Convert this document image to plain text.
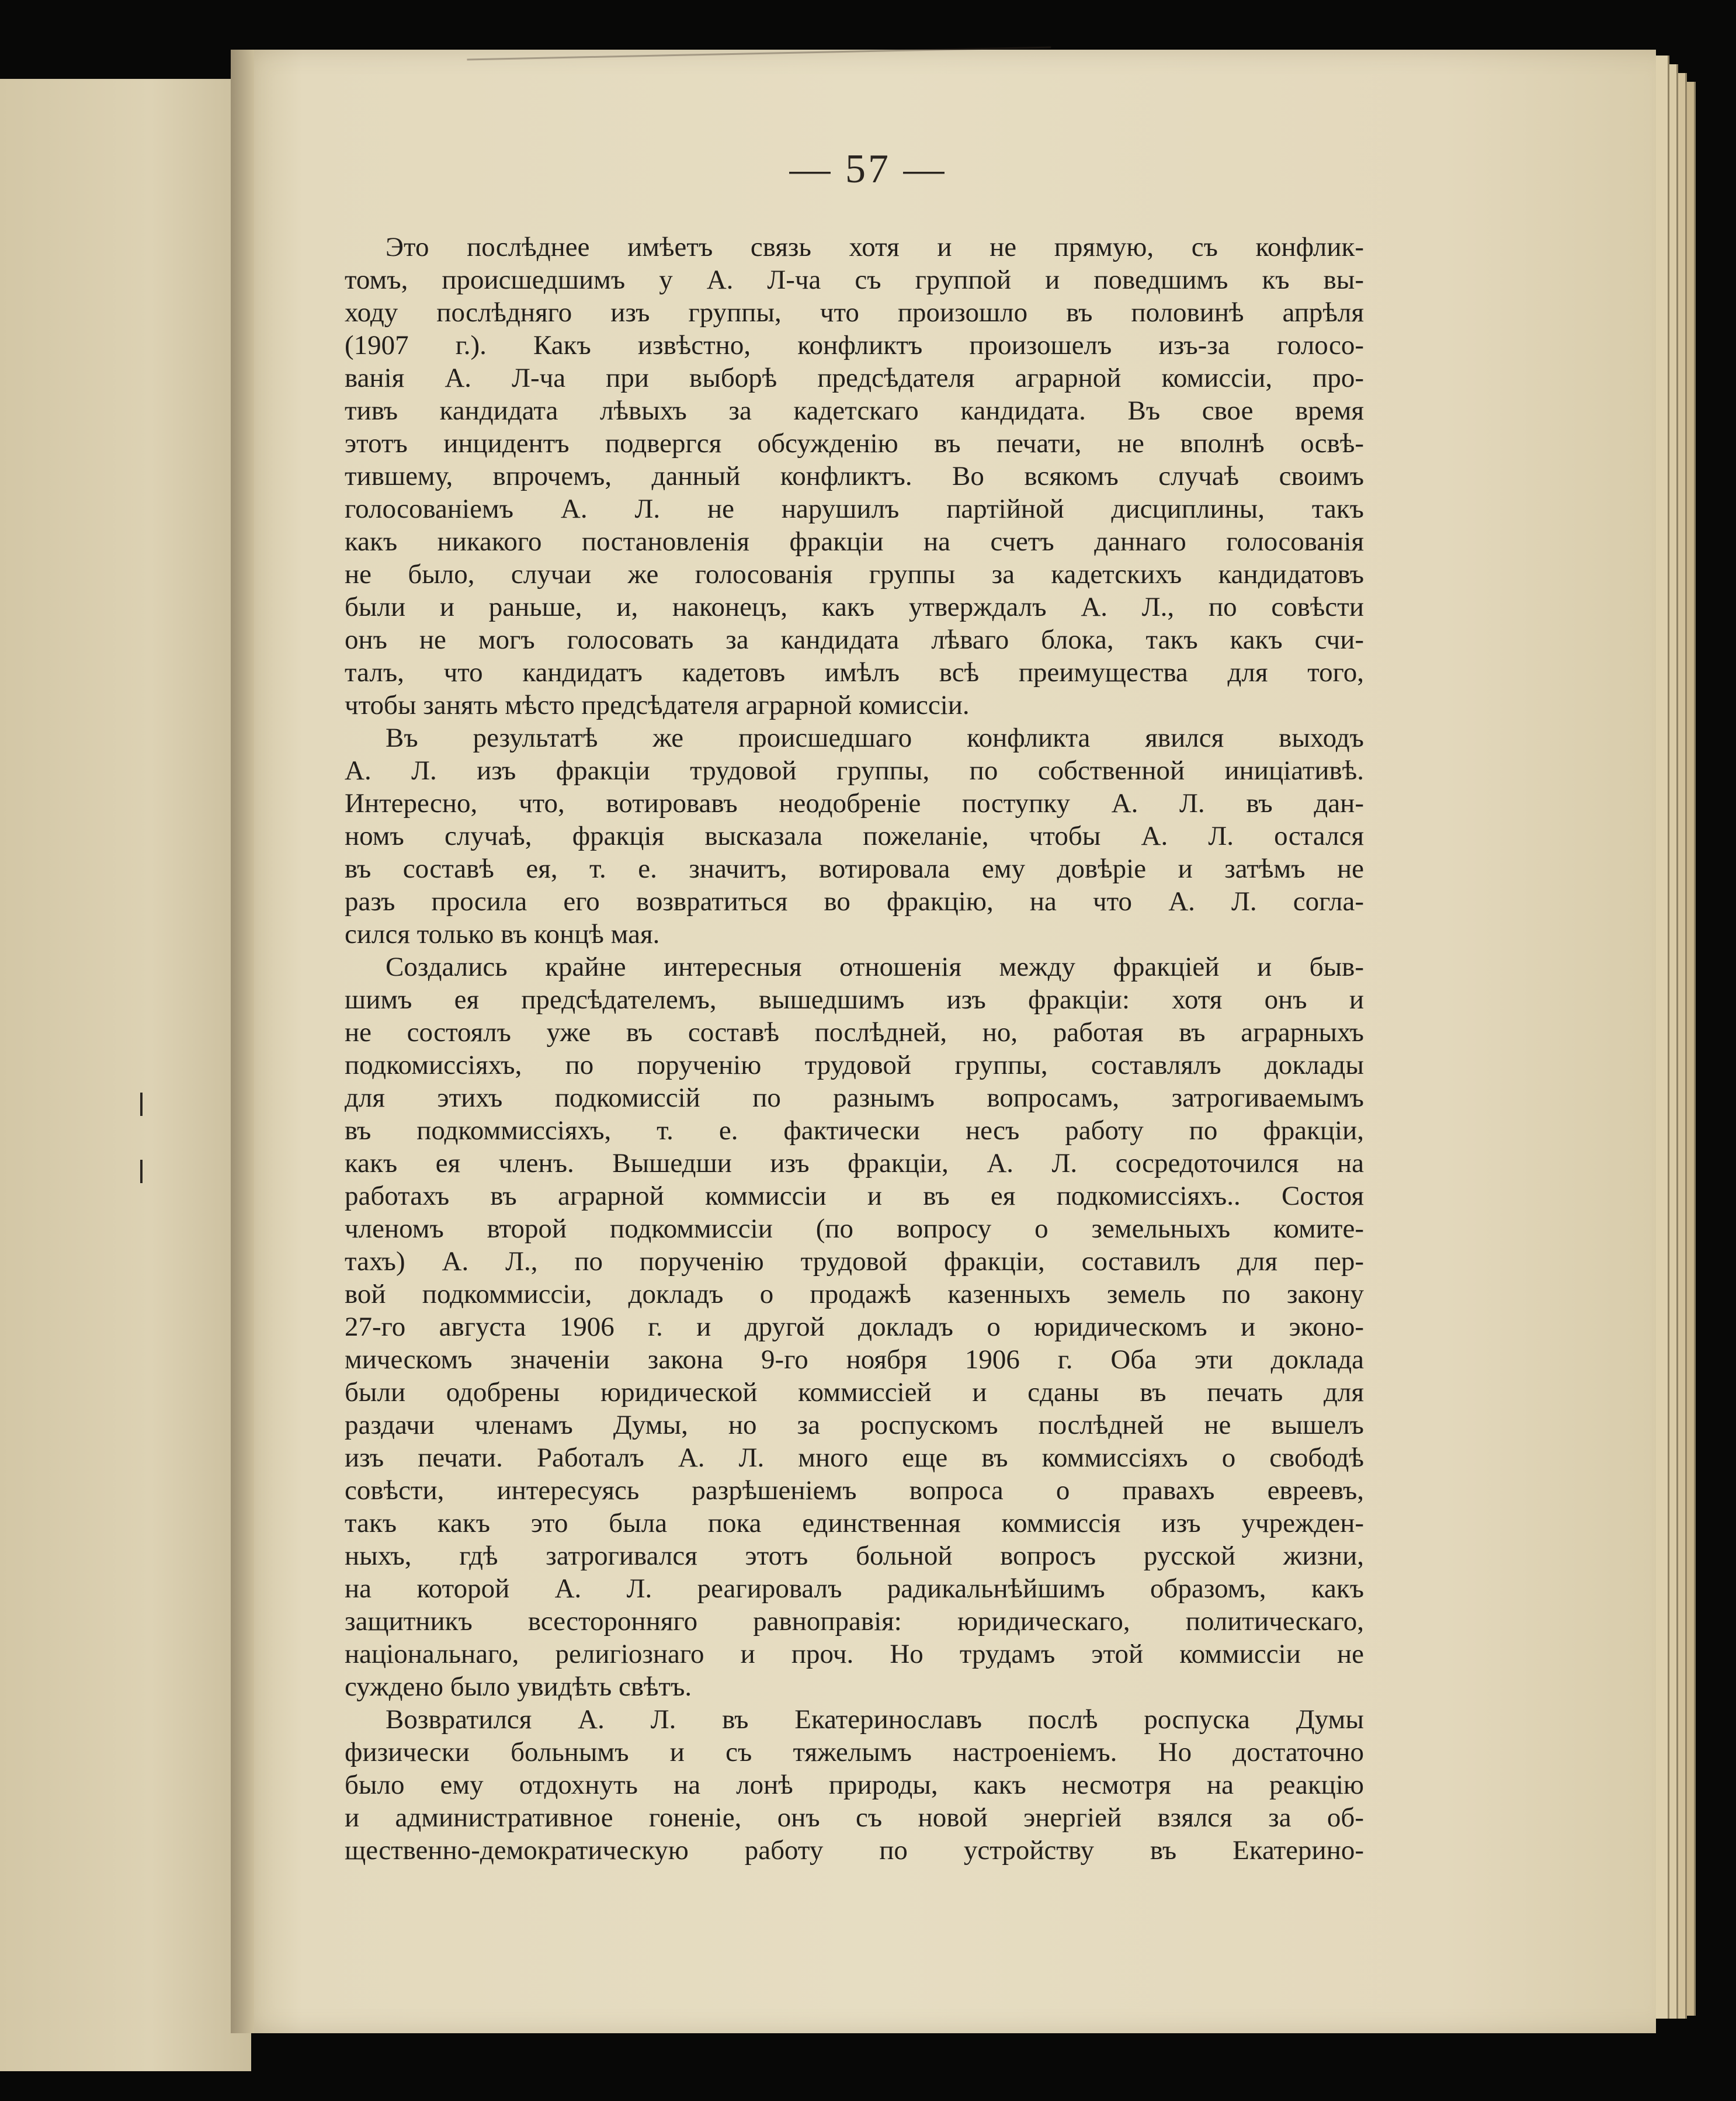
— 57 —
Это послѣднее имѣетъ связь хотя и не прямую, съ конфлик-
томъ, происшедшимъ у А. Л-ча съ группой и поведшимъ къ вы-
ходу послѣдняго изъ группы, что произошло въ половинѣ апрѣля
(1907 г.). Какъ извѣстно, конфликтъ произошелъ изъ-за голосо-
ванія А. Л-ча при выборѣ предсѣдателя аграрной комиссіи, про-
тивъ кандидата лѣвыхъ за кадетскаго кандидата. Въ свое время
этотъ инцидентъ подвергся обсужденію въ печати, не вполнѣ освѣ-
тившему, впрочемъ, данный конфликтъ. Во всякомъ случаѣ своимъ
голосованіемъ А. Л. не нарушилъ партійной дисциплины, такъ
какъ никакого постановленія фракціи на счетъ даннаго голосованія
не было, случаи же голосованія группы за кадетскихъ кандидатовъ
были и раньше, и, наконецъ, какъ утверждалъ А. Л., по совѣсти
онъ не могъ голосовать за кандидата лѣваго блока, такъ какъ счи-
талъ, что кандидатъ кадетовъ имѣлъ всѣ преимущества для того,
чтобы занять мѣсто предсѣдателя аграрной комиссіи.
Въ результатѣ же происшедшаго конфликта явился выходъ
А. Л. изъ фракціи трудовой группы, по собственной иниціативѣ.
Интересно, что, вотировавъ неодобреніе поступку А. Л. въ дан-
номъ случаѣ, фракція высказала пожеланіе, чтобы А. Л. остался
въ составѣ ея, т. е. значитъ, вотировала ему довѣріе и затѣмъ не
разъ просила его возвратиться во фракцію, на что А. Л. согла-
сился только въ концѣ мая.
Создались крайне интересныя отношенія между фракціей и быв-
шимъ ея предсѣдателемъ, вышедшимъ изъ фракціи: хотя онъ и
не состоялъ уже въ составѣ послѣдней, но, работая въ аграрныхъ
подкомиссіяхъ, по порученію трудовой группы, составлялъ доклады
для этихъ подкомиссій по разнымъ вопросамъ, затрогиваемымъ
въ подкоммиссіяхъ, т. е. фактически несъ работу по фракціи,
какъ ея членъ. Вышедши изъ фракціи, А. Л. сосредоточился на
работахъ въ аграрной коммиссіи и въ ея подкомиссіяхъ.. Состоя
членомъ второй подкоммиссіи (по вопросу о земельныхъ комите-
тахъ) А. Л., по порученію трудовой фракціи, составилъ для пер-
вой подкоммиссіи, докладъ о продажѣ казенныхъ земель по закону
27-го августа 1906 г. и другой докладъ о юридическомъ и эконо-
мическомъ значеніи закона 9-го ноября 1906 г. Оба эти доклада
были одобрены юридической коммиссіей и сданы въ печать для
раздачи членамъ Думы, но за роспускомъ послѣдней не вышелъ
изъ печати. Работалъ А. Л. много еще въ коммиссіяхъ о свободѣ
совѣсти, интересуясь разрѣшеніемъ вопроса о правахъ евреевъ,
такъ какъ это была пока единственная коммиссія изъ учрежден-
ныхъ, гдѣ затрогивался этотъ больной вопросъ русской жизни,
на которой А. Л. реагировалъ радикальнѣйшимъ образомъ, какъ
защитникъ всесторонняго равноправія: юридическаго, политическаго,
національнаго, религіознаго и проч. Но трудамъ этой коммиссіи не
суждено было увидѣть свѣтъ.
Возвратился А. Л. въ Екатеринославъ послѣ роспуска Думы
физически больнымъ и съ тяжелымъ настроеніемъ. Но достаточно
было ему отдохнуть на лонѣ природы, какъ несмотря на реакцію
и административное гоненіе, онъ съ новой энергіей взялся за об-
щественно-демократическую работу по устройству въ Екатерино-
